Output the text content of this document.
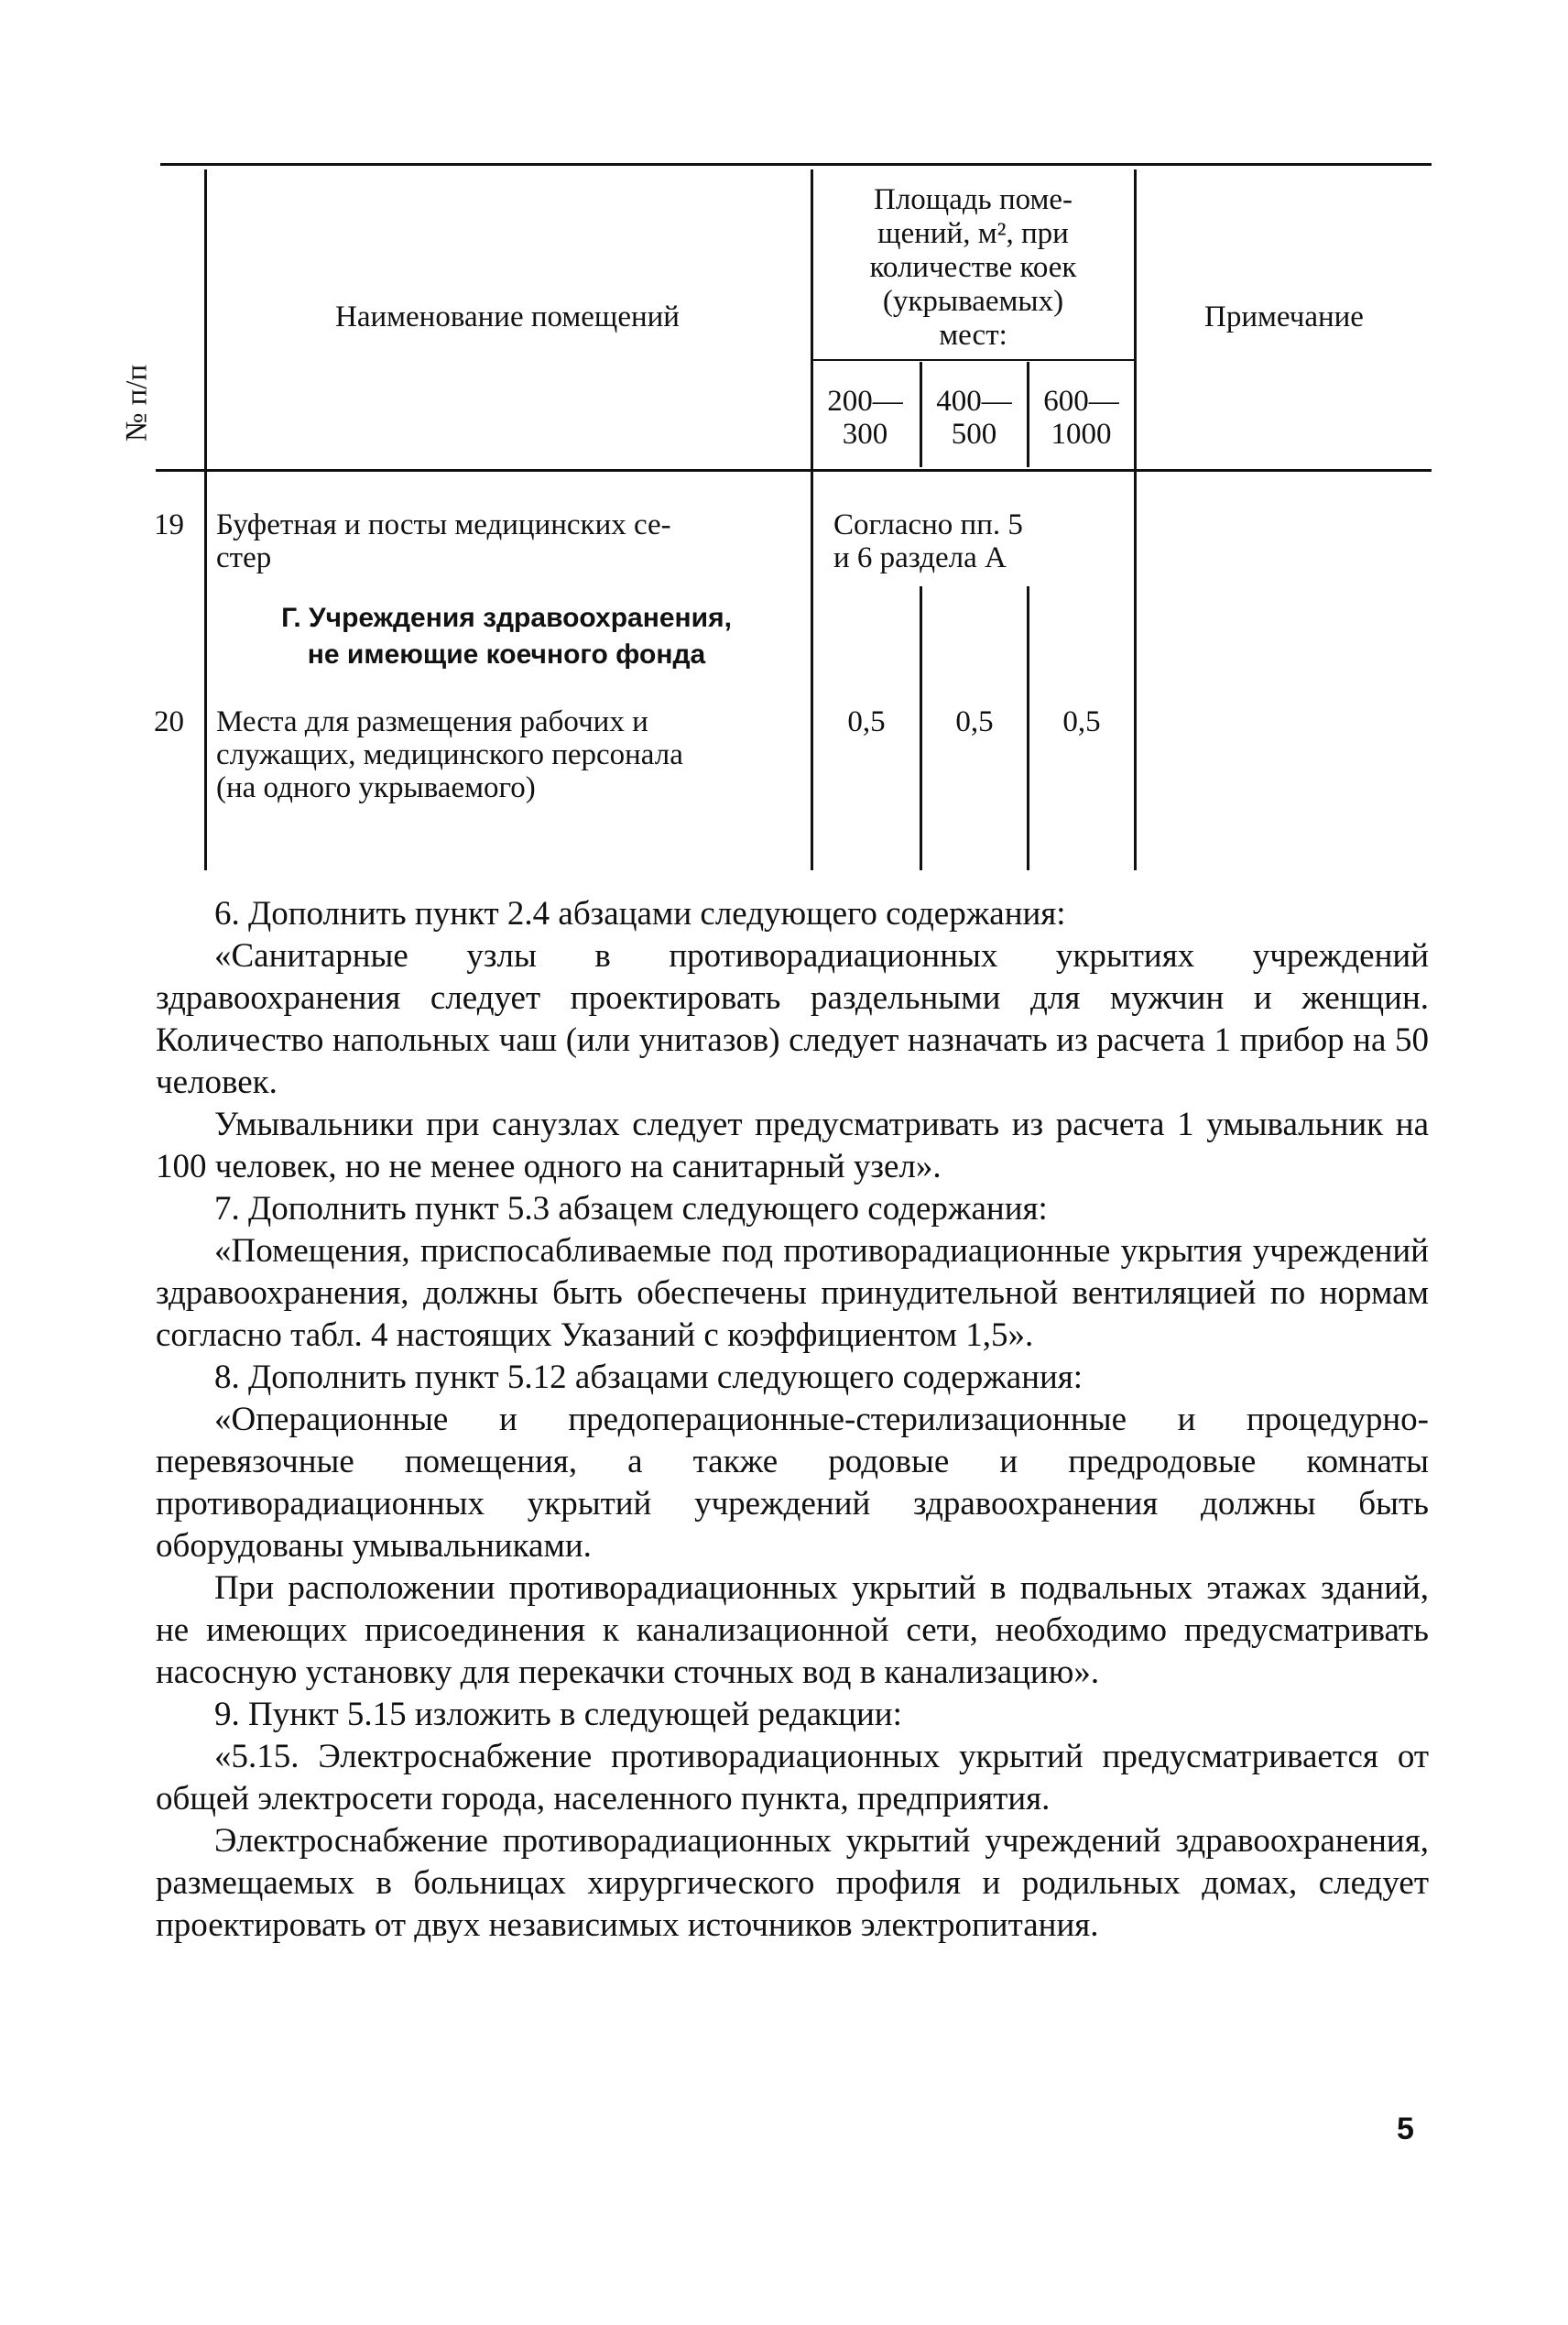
№ п/п
Наименование помещений
Площадь поме-
щений, м², при
количестве коек
(укрываемых)
мест:
200—
300
400—
500
600—
1000
Примечание
19 Буфетная и посты медицинских се-
стер
Согласно пп. 5
и 6 раздела А
Г. Учреждения здравоохранения,
не имеющие коечного фонда
20 Места для размещения рабочих и
служащих, медицинского персонала
(на одного укрываемого)
0,5	0,5	0,5

6. Дополнить пункт 2.4 абзацами следующего содержания:

«Санитарные узлы в противорадиационных укрытиях учреждений здравоохранения следует проектировать раздельными для мужчин и женщин. Количество напольных чаш (или унитазов) следует назначать из расчета 1 прибор на 50 человек.

Умывальники при санузлах следует предусматривать из расчета 1 умывальник на 100 человек, но не менее одного на санитарный узел».

7. Дополнить пункт 5.3 абзацем следующего содержания:

«Помещения, приспосабливаемые под противорадиационные укрытия учреждений здравоохранения, должны быть обеспечены принудительной вентиляцией по нормам согласно табл. 4 настоящих Указаний с коэффициентом 1,5».

8. Дополнить пункт 5.12 абзацами следующего содержания:

«Операционные и предоперационные-стерилизационные и процедурно-перевязочные помещения, а также родовые и предродовые комнаты противорадиационных укрытий учреждений здравоохранения должны быть оборудованы умывальниками.

При расположении противорадиационных укрытий в подвальных этажах зданий, не имеющих присоединения к канализационной сети, необходимо предусматривать насосную установку для перекачки сточных вод в канализацию».

9. Пункт 5.15 изложить в следующей редакции:

«5.15. Электроснабжение противорадиационных укрытий предусматривается от общей электросети города, населенного пункта, предприятия.

Электроснабжение противорадиационных укрытий учреждений здравоохранения, размещаемых в больницах хирургического профиля и родильных домах, следует проектировать от двух независимых источников электропитания.

5
